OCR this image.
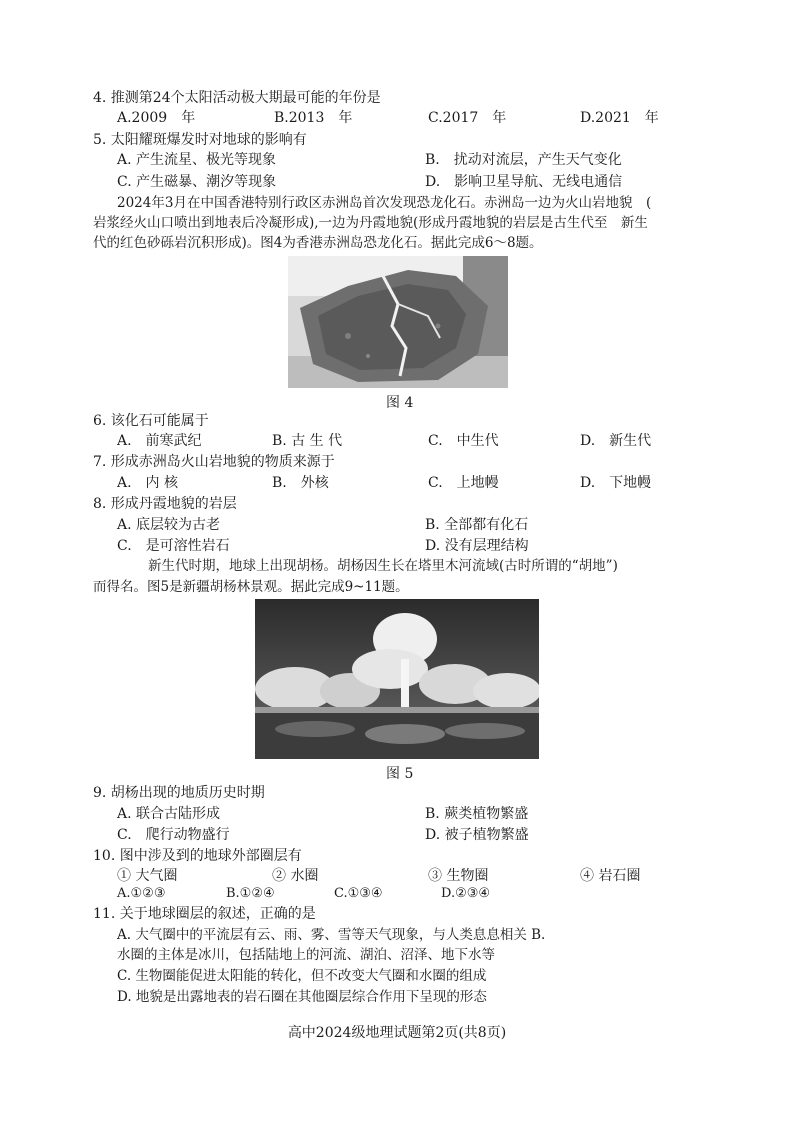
4. 推测第24个太阳活动极大期最可能的年份是
A.2009　年	B.2013　年	C.2017　年	D.2021　年
5. 太阳耀斑爆发时对地球的影响有
A. 产生流星、极光等现象	B.　扰动对流层，产生天气变化
C. 产生磁暴、潮汐等现象	D.　影响卫星导航、无线电通信
2024年3月在中国香港特别行政区赤洲岛首次发现恐龙化石。赤洲岛一边为火山岩地貌　(
岩浆经火山口喷出到地表后冷凝形成),一边为丹霞地貌(形成丹霞地貌的岩层是古生代至　新生
代的红色砂砾岩沉积形成)。图4为香港赤洲岛恐龙化石。据此完成6～8题。
图 4
6. 该化石可能属于
A.　前寒武纪	B. 古 生 代	C.　中生代	D.　新生代
7. 形成赤洲岛火山岩地貌的物质来源于
A.　内 核	B.　外核	C.　上地幔	D.　下地幔
8. 形成丹霞地貌的岩层
A. 底层较为古老	B. 全部都有化石
C.　是可溶性岩石	D. 没有层理结构
新生代时期，地球上出现胡杨。胡杨因生长在塔里木河流域(古时所谓的“胡地”)
而得名。图5是新疆胡杨林景观。据此完成9~11题。
图 5
9. 胡杨出现的地质历史时期
A. 联合古陆形成	B. 蕨类植物繁盛
C.　爬行动物盛行	D. 被子植物繁盛
10. 图中涉及到的地球外部圈层有
① 大气圈	② 水圈	③ 生物圈	④ 岩石圈
A.①②③	B.①②④	C.①③④	D.②③④
11. 关于地球圈层的叙述，正确的是
A. 大气圈中的平流层有云、雨、雾、雪等天气现象，与人类息息相关 B.
水圈的主体是冰川，包括陆地上的河流、湖泊、沼泽、地下水等
C. 生物圈能促进太阳能的转化，但不改变大气圈和水圈的组成
D. 地貌是出露地表的岩石圈在其他圈层综合作用下呈现的形态
高中2024级地理试题第2页(共8页)
